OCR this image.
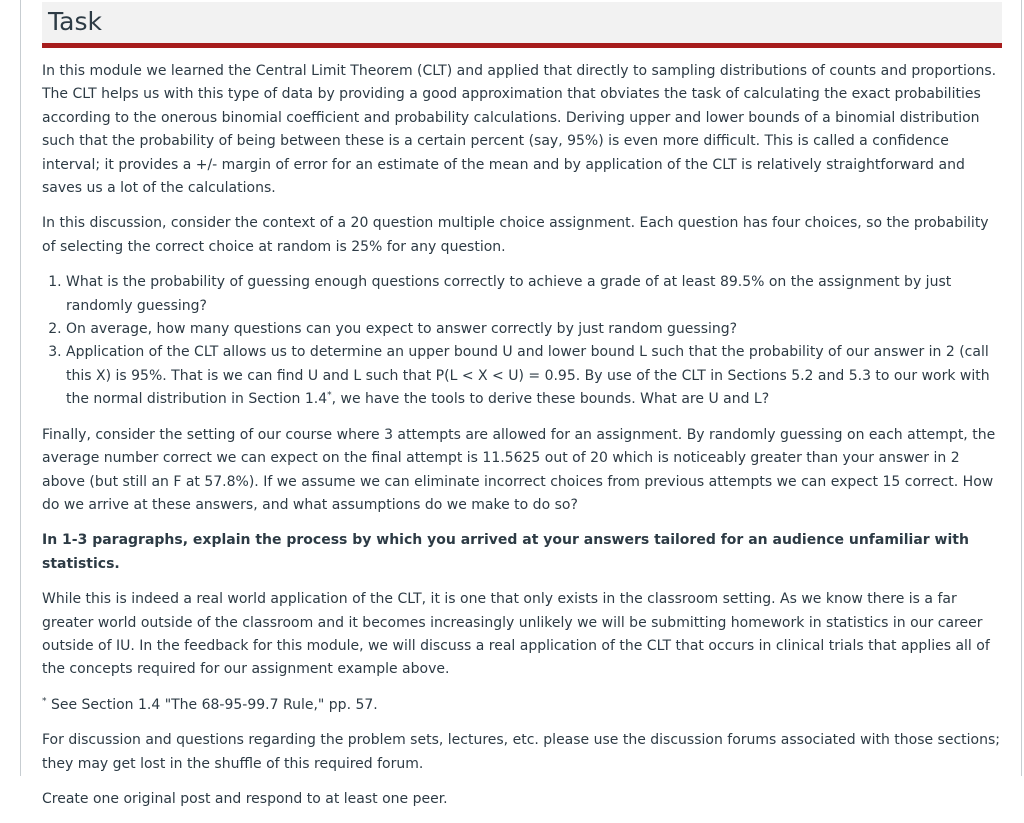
Task

In this module we learned the Central Limit Theorem (CLT) and applied that directly to sampling distributions of counts and proportions. The CLT helps us with this type of data by providing a good approximation that obviates the task of calculating the exact probabilities according to the onerous binomial coefficient and probability calculations. Deriving upper and lower bounds of a binomial distribution such that the probability of being between these is a certain percent (say, 95%) is even more difficult. This is called a confidence interval; it provides a +/- margin of error for an estimate of the mean and by application of the CLT is relatively straightforward and saves us a lot of the calculations.

In this discussion, consider the context of a 20 question multiple choice assignment. Each question has four choices, so the probability of selecting the correct choice at random is 25% for any question.

1. What is the probability of guessing enough questions correctly to achieve a grade of at least 89.5% on the assignment by just randomly guessing?
2. On average, how many questions can you expect to answer correctly by just random guessing?
3. Application of the CLT allows us to determine an upper bound U and lower bound L such that the probability of our answer in 2 (call this X) is 95%. That is we can find U and L such that P(L < X < U) = 0.95. By use of the CLT in Sections 5.2 and 5.3 to our work with the normal distribution in Section 1.4*, we have the tools to derive these bounds. What are U and L?

Finally, consider the setting of our course where 3 attempts are allowed for an assignment. By randomly guessing on each attempt, the average number correct we can expect on the final attempt is 11.5625 out of 20 which is noticeably greater than your answer in 2 above (but still an F at 57.8%). If we assume we can eliminate incorrect choices from previous attempts we can expect 15 correct. How do we arrive at these answers, and what assumptions do we make to do so?

In 1-3 paragraphs, explain the process by which you arrived at your answers tailored for an audience unfamiliar with statistics.

While this is indeed a real world application of the CLT, it is one that only exists in the classroom setting. As we know there is a far greater world outside of the classroom and it becomes increasingly unlikely we will be submitting homework in statistics in our career outside of IU. In the feedback for this module, we will discuss a real application of the CLT that occurs in clinical trials that applies all of the concepts required for our assignment example above.

* See Section 1.4 "The 68-95-99.7 Rule," pp. 57.

For discussion and questions regarding the problem sets, lectures, etc. please use the discussion forums associated with those sections; they may get lost in the shuffle of this required forum.

Create one original post and respond to at least one peer.
